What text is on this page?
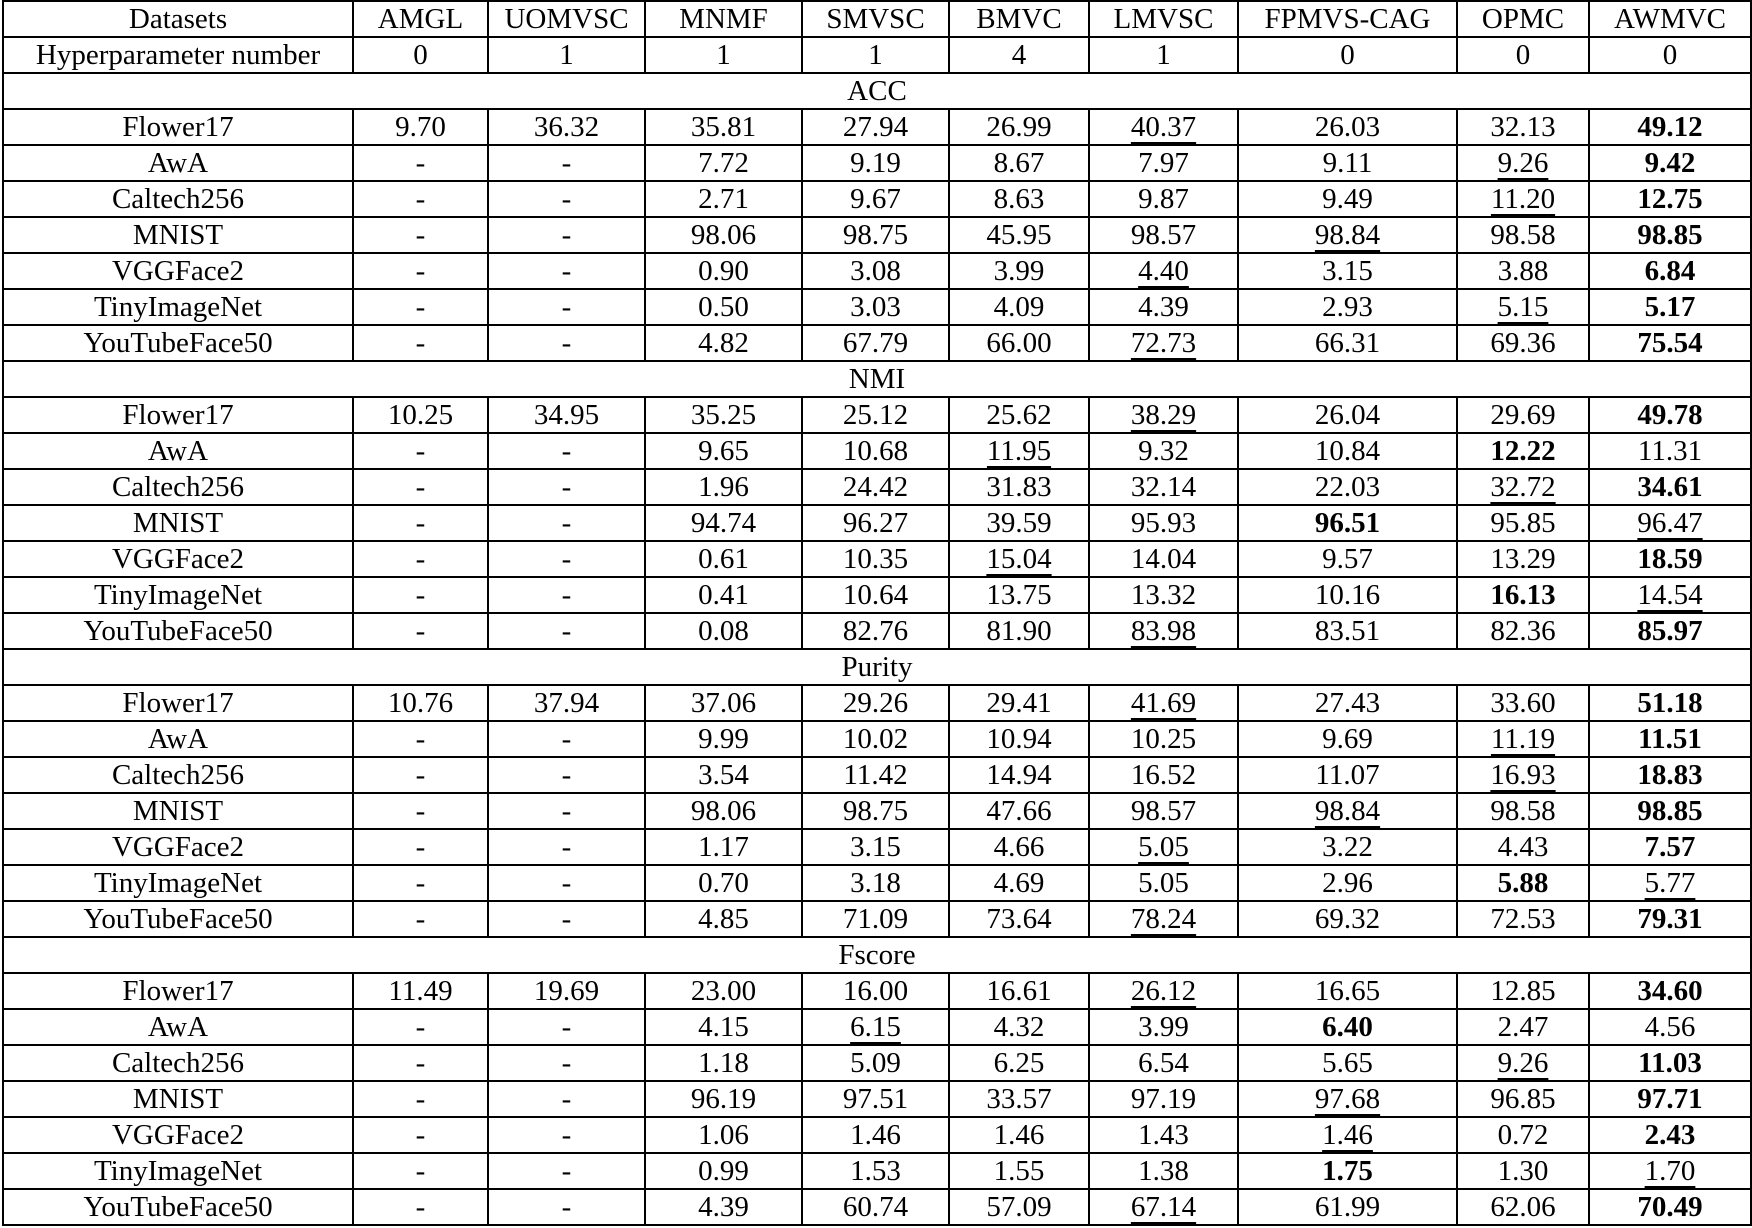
Datasets	AMGL	UOMVSC	MNMF	SMVSC	BMVC	LMVSC	FPMVS-CAG	OPMC	AWMVC
Hyperparameter number	0	1	1	1	4	1	0	0	0
ACC									
Flower17	9.70	36.32	35.81	27.94	26.99	40.37	26.03	32.13	49.12
AwA	-	-	7.72	9.19	8.67	7.97	9.11	9.26	9.42
Caltech256	-	-	2.71	9.67	8.63	9.87	9.49	11.20	12.75
MNIST	-	-	98.06	98.75	45.95	98.57	98.84	98.58	98.85
VGGFace2	-	-	0.90	3.08	3.99	4.40	3.15	3.88	6.84
TinyImageNet	-	-	0.50	3.03	4.09	4.39	2.93	5.15	5.17
YouTubeFace50	-	-	4.82	67.79	66.00	72.73	66.31	69.36	75.54
NMI									
Flower17	10.25	34.95	35.25	25.12	25.62	38.29	26.04	29.69	49.78
AwA	-	-	9.65	10.68	11.95	9.32	10.84	12.22	11.31
Caltech256	-	-	1.96	24.42	31.83	32.14	22.03	32.72	34.61
MNIST	-	-	94.74	96.27	39.59	95.93	96.51	95.85	96.47
VGGFace2	-	-	0.61	10.35	15.04	14.04	9.57	13.29	18.59
TinyImageNet	-	-	0.41	10.64	13.75	13.32	10.16	16.13	14.54
YouTubeFace50	-	-	0.08	82.76	81.90	83.98	83.51	82.36	85.97
Purity									
Flower17	10.76	37.94	37.06	29.26	29.41	41.69	27.43	33.60	51.18
AwA	-	-	9.99	10.02	10.94	10.25	9.69	11.19	11.51
Caltech256	-	-	3.54	11.42	14.94	16.52	11.07	16.93	18.83
MNIST	-	-	98.06	98.75	47.66	98.57	98.84	98.58	98.85
VGGFace2	-	-	1.17	3.15	4.66	5.05	3.22	4.43	7.57
TinyImageNet	-	-	0.70	3.18	4.69	5.05	2.96	5.88	5.77
YouTubeFace50	-	-	4.85	71.09	73.64	78.24	69.32	72.53	79.31
Fscore									
Flower17	11.49	19.69	23.00	16.00	16.61	26.12	16.65	12.85	34.60
AwA	-	-	4.15	6.15	4.32	3.99	6.40	2.47	4.56
Caltech256	-	-	1.18	5.09	6.25	6.54	5.65	9.26	11.03
MNIST	-	-	96.19	97.51	33.57	97.19	97.68	96.85	97.71
VGGFace2	-	-	1.06	1.46	1.46	1.43	1.46	0.72	2.43
TinyImageNet	-	-	0.99	1.53	1.55	1.38	1.75	1.30	1.70
YouTubeFace50	-	-	4.39	60.74	57.09	67.14	61.99	62.06	70.49
